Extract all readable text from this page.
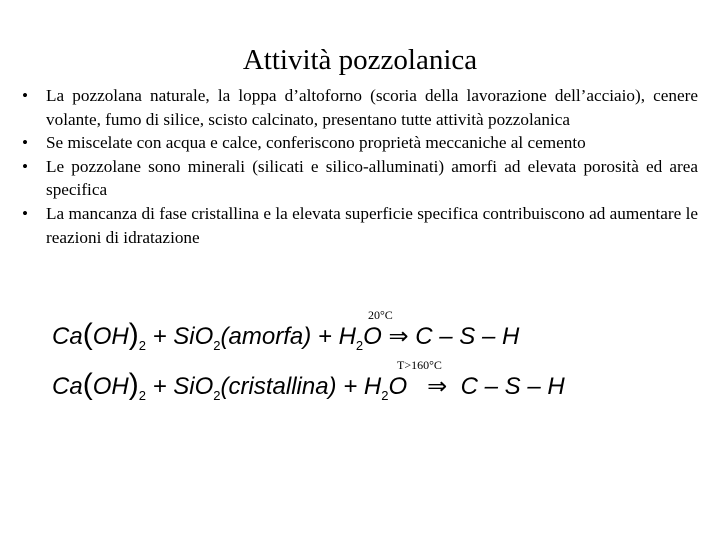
Attività pozzolanica
•	La pozzolana naturale, la loppa d’altoforno (scoria della lavorazione dell’acciaio), cenere volante, fumo di silice, scisto calcinato, presentano tutte attività pozzolanica
•	Se miscelate con acqua e calce, conferiscono proprietà meccaniche al cemento
•	Le pozzolane sono minerali (silicati e silico-alluminati) amorfi ad elevata porosità ed area specifica
•	La mancanza di fase cristallina e la elevata superficie specifica contribuiscono ad aumentare le reazioni di idratazione
20°C
$Ca(OH)_2$ + SiO$_2$(amorfa) + $H_2O$ ⇒ C – S – H
T>160°C
$Ca(OH)_2$ + SiO$_2$(cristallina) + $H_2O$ ⇒ C – S – H
